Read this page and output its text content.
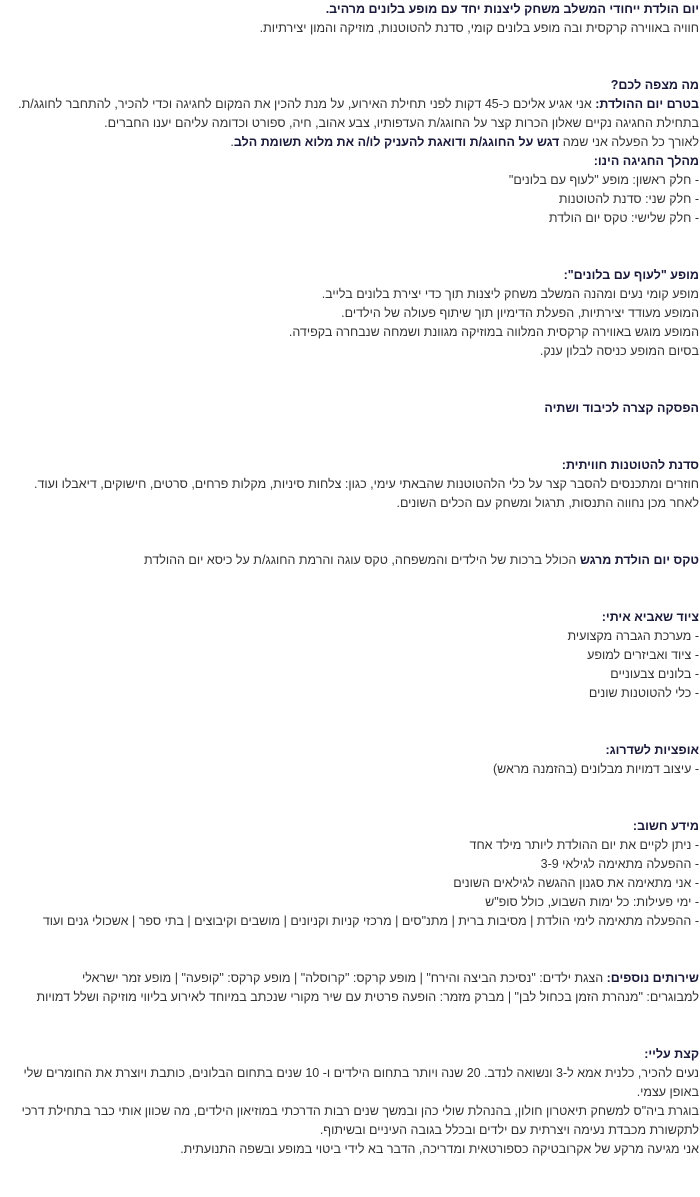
יום הולדת ייחודי המשלב משחק ליצנות יחד עם מופע בלונים מרהיב.
חוויה באווירה קרקסית ובה מופע בלונים קומי, סדנת להטוטנות, מוזיקה והמון יצירתיות.
מה מצפה לכם?
בטרם יום ההולדת: אני אגיע אליכם כ-45 דקות לפני תחילת האירוע, על מנת להכין את המקום לחגיגה וכדי להכיר, להתחבר לחוגג/ת.
בתחילת החגיגה נקיים שאלון הכרות קצר על החוגג/ת העדפותיו, צבע אהוב, חיה, ספורט וכדומה עליהם יענו החברים.
לאורך כל הפעלה אני שמה דגש על החוגג/ת ודואגת להעניק לו/ה את מלוא תשומת הלב.
מהלך החגיגה הינו:
- חלק ראשון: מופע "לעוף עם בלונים"
- חלק שני: סדנת להטוטנות
- חלק שלישי: טקס יום הולדת
מופע "לעוף עם בלונים":
מופע קומי נעים ומהנה המשלב משחק ליצנות תוך כדי יצירת בלונים בלייב.
המופע מעודד יצירתיות, הפעלת הדימיון תוך שיתוף פעולה של הילדים.
המופע מוגש באווירה קרקסית המלווה במוזיקה מגוונת ושמחה שנבחרה בקפידה.
בסיום המופע כניסה לבלון ענק.
הפסקה קצרה לכיבוד ושתיה
סדנת להטוטנות חוויתית:
חוזרים ומתכנסים להסבר קצר על כלי הלהטוטנות שהבאתי עימי, כגון: צלחות סיניות, מקלות פרחים, סרטים, חישוקים, דיאבלו ועוד.
לאחר מכן נחווה התנסות, תרגול ומשחק עם הכלים השונים.
טקס יום הולדת מרגש הכולל ברכות של הילדים והמשפחה, טקס עוגה והרמת החוגג/ת על כיסא יום ההולדת
ציוד שאביא איתי:
- מערכת הגברה מקצועית
- ציוד ואביזרים למופע
- בלונים צבעוניים
- כלי להטוטנות שונים
אופציות לשדרוג:
- עיצוב דמויות מבלונים (בהזמנה מראש)
מידע חשוב:
- ניתן לקיים את יום ההולדת ליותר מילד אחד
- ההפעלה מתאימה לגילאי 3-9
- אני מתאימה את סגנון ההגשה לגילאים השונים
- ימי פעילות: כל ימות השבוע, כולל סופ"ש
- ההפעלה מתאימה לימי הולדת | מסיבות ברית | מתנ"סים | מרכזי קניות וקניונים | מושבים וקיבוצים | בתי ספר | אשכולי גנים ועוד
שירותים נוספים: הצגת ילדים: "נסיכת הביצה והירח" | מופע קרקס: "קרוסלה" | מופע קרקס: "קופעה" | מופע זמר ישראלי
למבוגרים: "מנהרת הזמן בכחול לבן" | מברק מזמר: הופעה פרטית עם שיר מקורי שנכתב במיוחד לאירוע בליווי מוזיקה ושלל דמויות
קצת עליי:
נעים להכיר, כלנית אמא ל-3 ונשואה לנדב. 20 שנה ויותר בתחום הילדים ו- 10 שנים בתחום הבלונים, כותבת ויוצרת את החומרים שלי באופן עצמי.
בוגרת ביה"ס למשחק תיאטרון חולון, בהנהלת שולי כהן ובמשך שנים רבות הדרכתי במוזיאון הילדים, מה שכוון אותי כבר בתחילת דרכי לתקשורת מכבדת נעימה ויצרתית עם ילדים ובכלל בגובה העיניים ובשיתוף.
אני מגיעה מרקע של אקרובטיקה כספורטאית ומדריכה, הדבר בא לידי ביטוי במופע ובשפה התנועתית.
